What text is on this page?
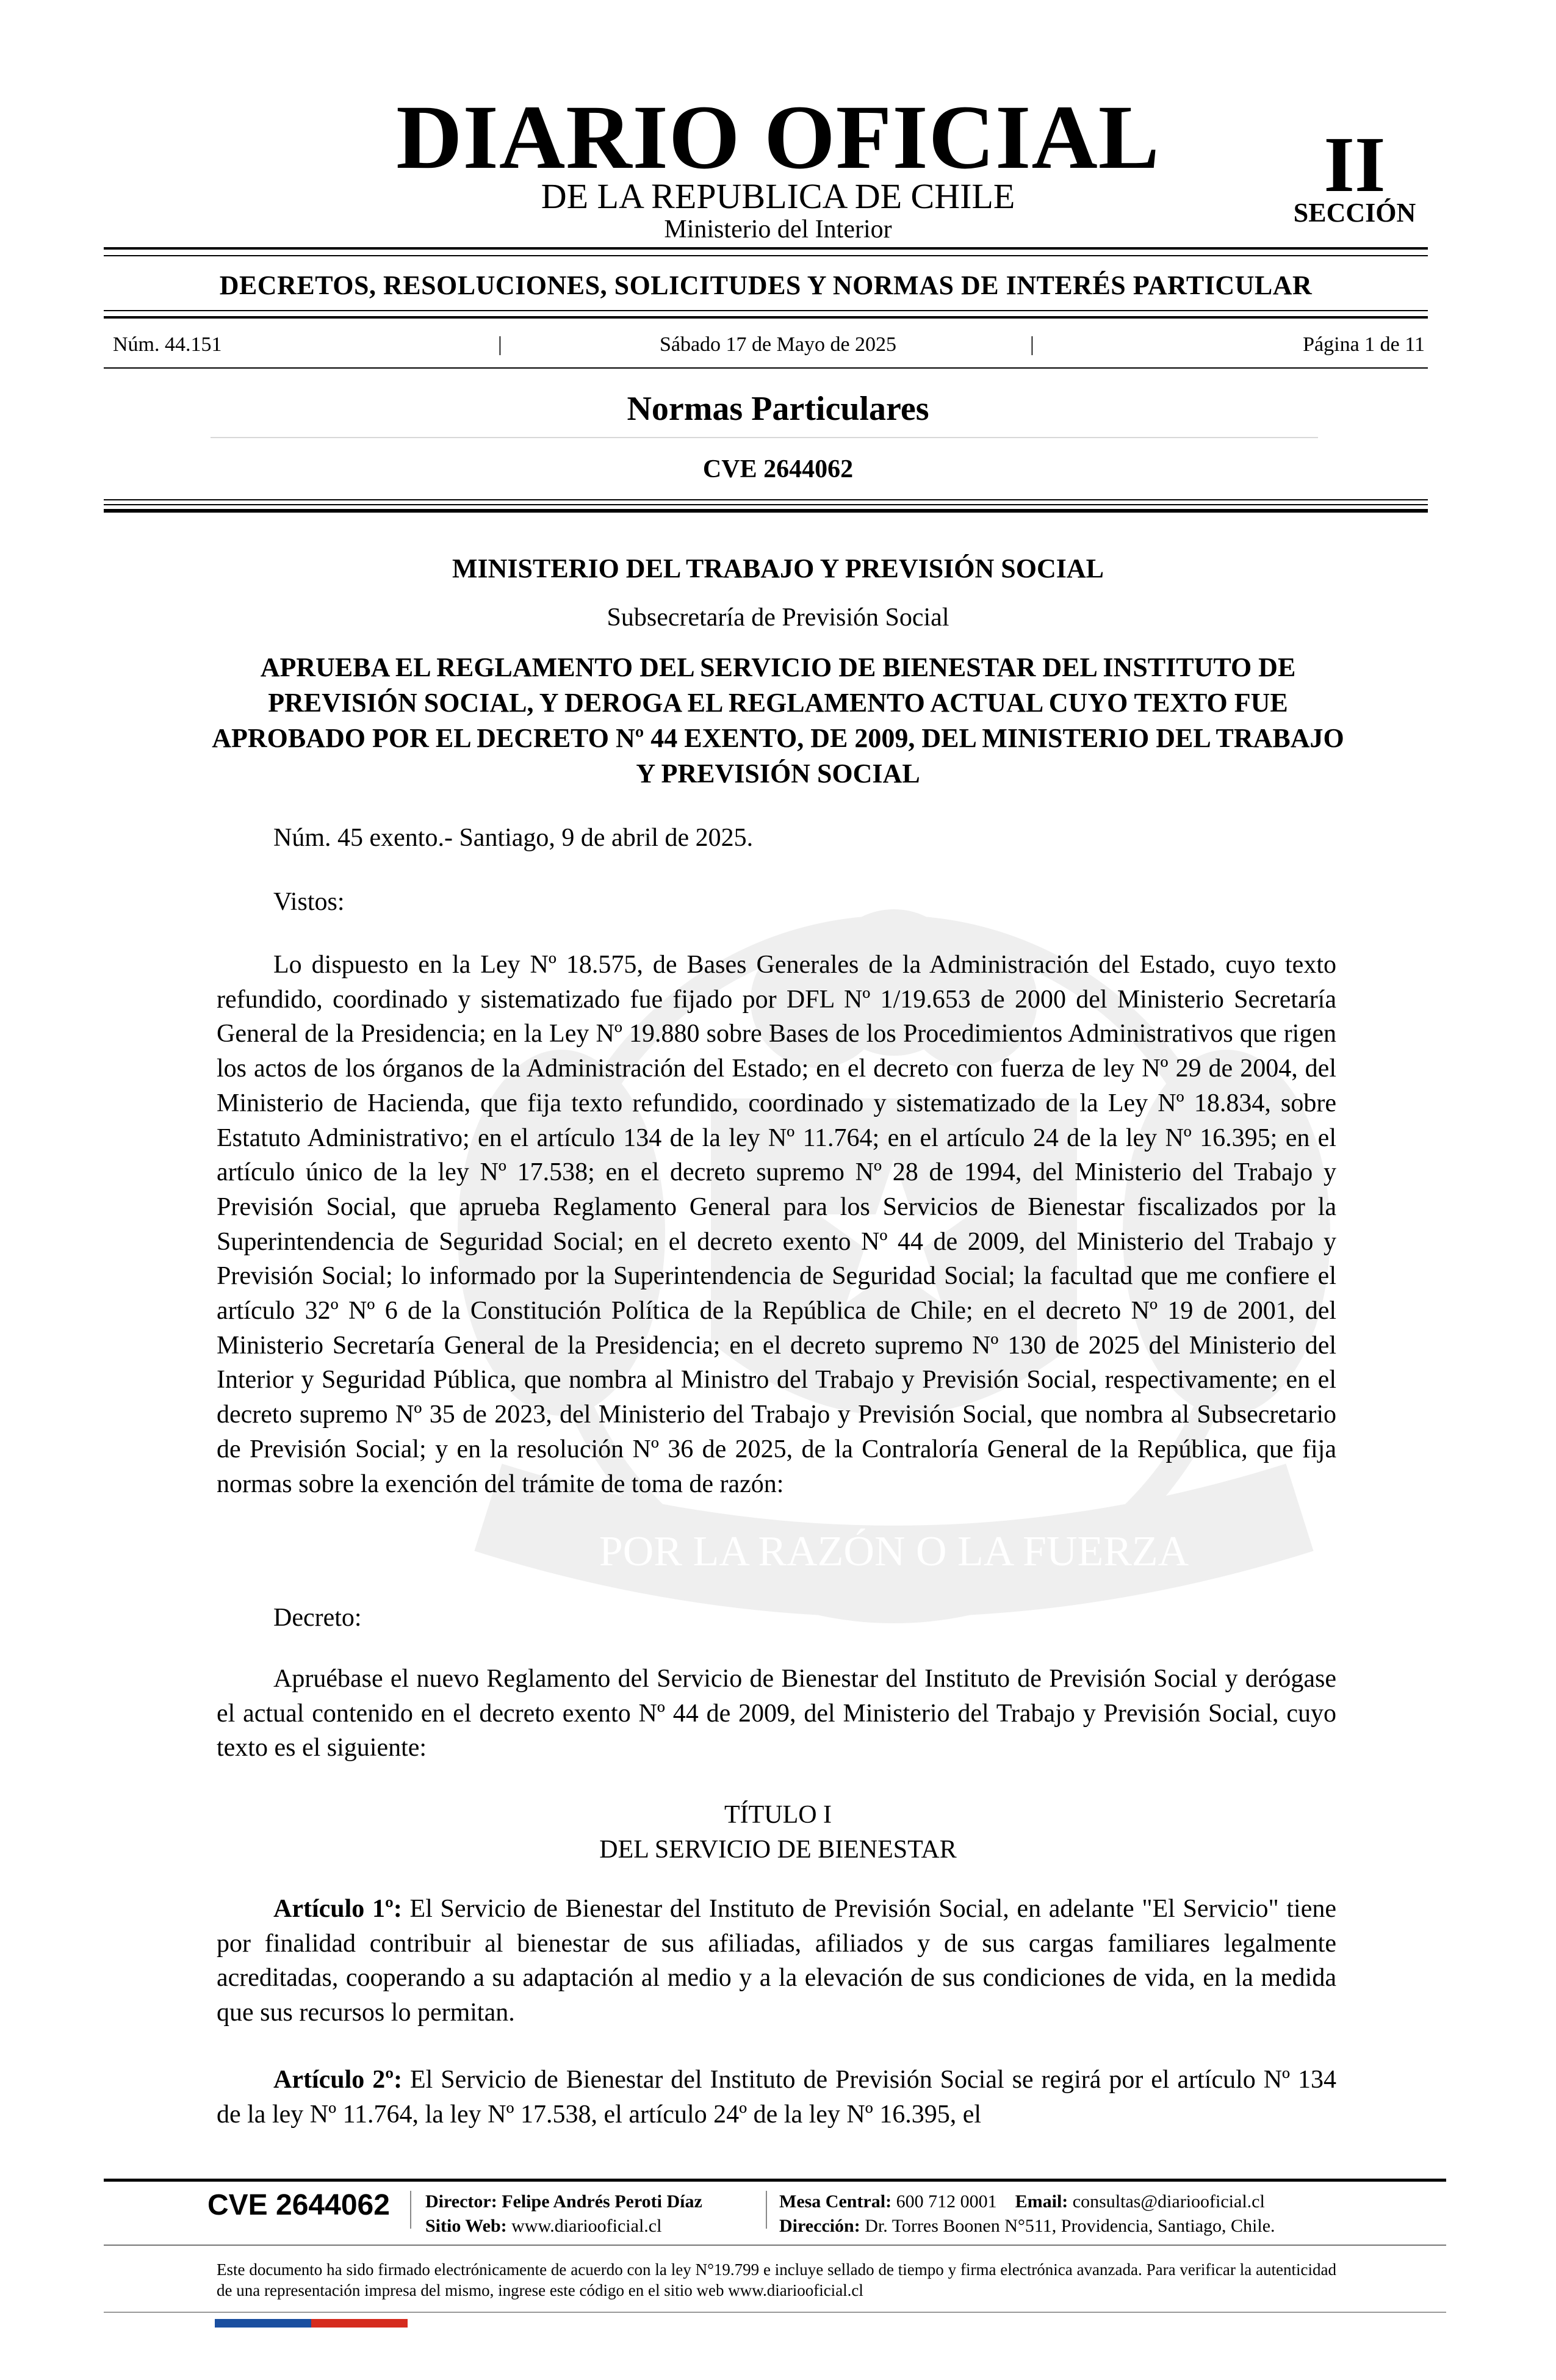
DIARIO OFICIAL
DE LA REPUBLICA DE CHILE
Ministerio del Interior
II
SECCIÓN
DECRETOS, RESOLUCIONES, SOLICITUDES Y NORMAS DE INTERÉS PARTICULAR
Núm. 44.151	|	Sábado 17 de Mayo de 2025	|	Página 1 de 11
Normas Particulares
CVE 2644062
POR LA RAZÓN O LA FUERZA
MINISTERIO DEL TRABAJO Y PREVISIÓN SOCIAL
Subsecretaría de Previsión Social
APRUEBA EL REGLAMENTO DEL SERVICIO DE BIENESTAR DEL INSTITUTO DE PREVISIÓN SOCIAL, Y DEROGA EL REGLAMENTO ACTUAL CUYO TEXTO FUE APROBADO POR EL DECRETO Nº 44 EXENTO, DE 2009, DEL MINISTERIO DEL TRABAJO Y PREVISIÓN SOCIAL
Núm. 45 exento.- Santiago, 9 de abril de 2025.
Vistos:
Lo dispuesto en la Ley Nº 18.575, de Bases Generales de la Administración del Estado, cuyo texto refundido, coordinado y sistematizado fue fijado por DFL Nº 1/19.653 de 2000 del Ministerio Secretaría General de la Presidencia; en la Ley Nº 19.880 sobre Bases de los Procedimientos Administrativos que rigen los actos de los órganos de la Administración del Estado; en el decreto con fuerza de ley Nº 29 de 2004, del Ministerio de Hacienda, que fija texto refundido, coordinado y sistematizado de la Ley Nº 18.834, sobre Estatuto Administrativo; en el artículo 134 de la ley Nº 11.764; en el artículo 24 de la ley Nº 16.395; en el artículo único de la ley Nº 17.538; en el decreto supremo Nº 28 de 1994, del Ministerio del Trabajo y Previsión Social, que aprueba Reglamento General para los Servicios de Bienestar fiscalizados por la Superintendencia de Seguridad Social; en el decreto exento Nº 44 de 2009, del Ministerio del Trabajo y Previsión Social; lo informado por la Superintendencia de Seguridad Social; la facultad que me confiere el artículo 32º Nº 6 de la Constitución Política de la República de Chile; en el decreto Nº 19 de 2001, del Ministerio Secretaría General de la Presidencia; en el decreto supremo Nº 130 de 2025 del Ministerio del Interior y Seguridad Pública, que nombra al Ministro del Trabajo y Previsión Social, respectivamente; en el decreto supremo Nº 35 de 2023, del Ministerio del Trabajo y Previsión Social, que nombra al Subsecretario de Previsión Social; y en la resolución Nº 36 de 2025, de la Contraloría General de la República, que fija normas sobre la exención del trámite de toma de razón:
Decreto:
Apruébase el nuevo Reglamento del Servicio de Bienestar del Instituto de Previsión Social y derógase el actual contenido en el decreto exento Nº 44 de 2009, del Ministerio del Trabajo y Previsión Social, cuyo texto es el siguiente:
TÍTULO I
DEL SERVICIO DE BIENESTAR
Artículo 1º: El Servicio de Bienestar del Instituto de Previsión Social, en adelante "El Servicio" tiene por finalidad contribuir al bienestar de sus afiliadas, afiliados y de sus cargas familiares legalmente acreditadas, cooperando a su adaptación al medio y a la elevación de sus condiciones de vida, en la medida que sus recursos lo permitan.
Artículo 2º: El Servicio de Bienestar del Instituto de Previsión Social se regirá por el artículo Nº 134 de la ley Nº 11.764, la ley Nº 17.538, el artículo 24º de la ley Nº 16.395, el
CVE 2644062 Director: Felipe Andrés Peroti Díaz
Sitio Web: www.diariooficial.cl
Mesa Central: 600 712 0001 Email: consultas@diariooficial.cl
Dirección: Dr. Torres Boonen N°511, Providencia, Santiago, Chile.
Este documento ha sido firmado electrónicamente de acuerdo con la ley N°19.799 e incluye sellado de tiempo y firma electrónica avanzada. Para verificar la autenticidad de una representación impresa del mismo, ingrese este código en el sitio web www.diariooficial.cl
